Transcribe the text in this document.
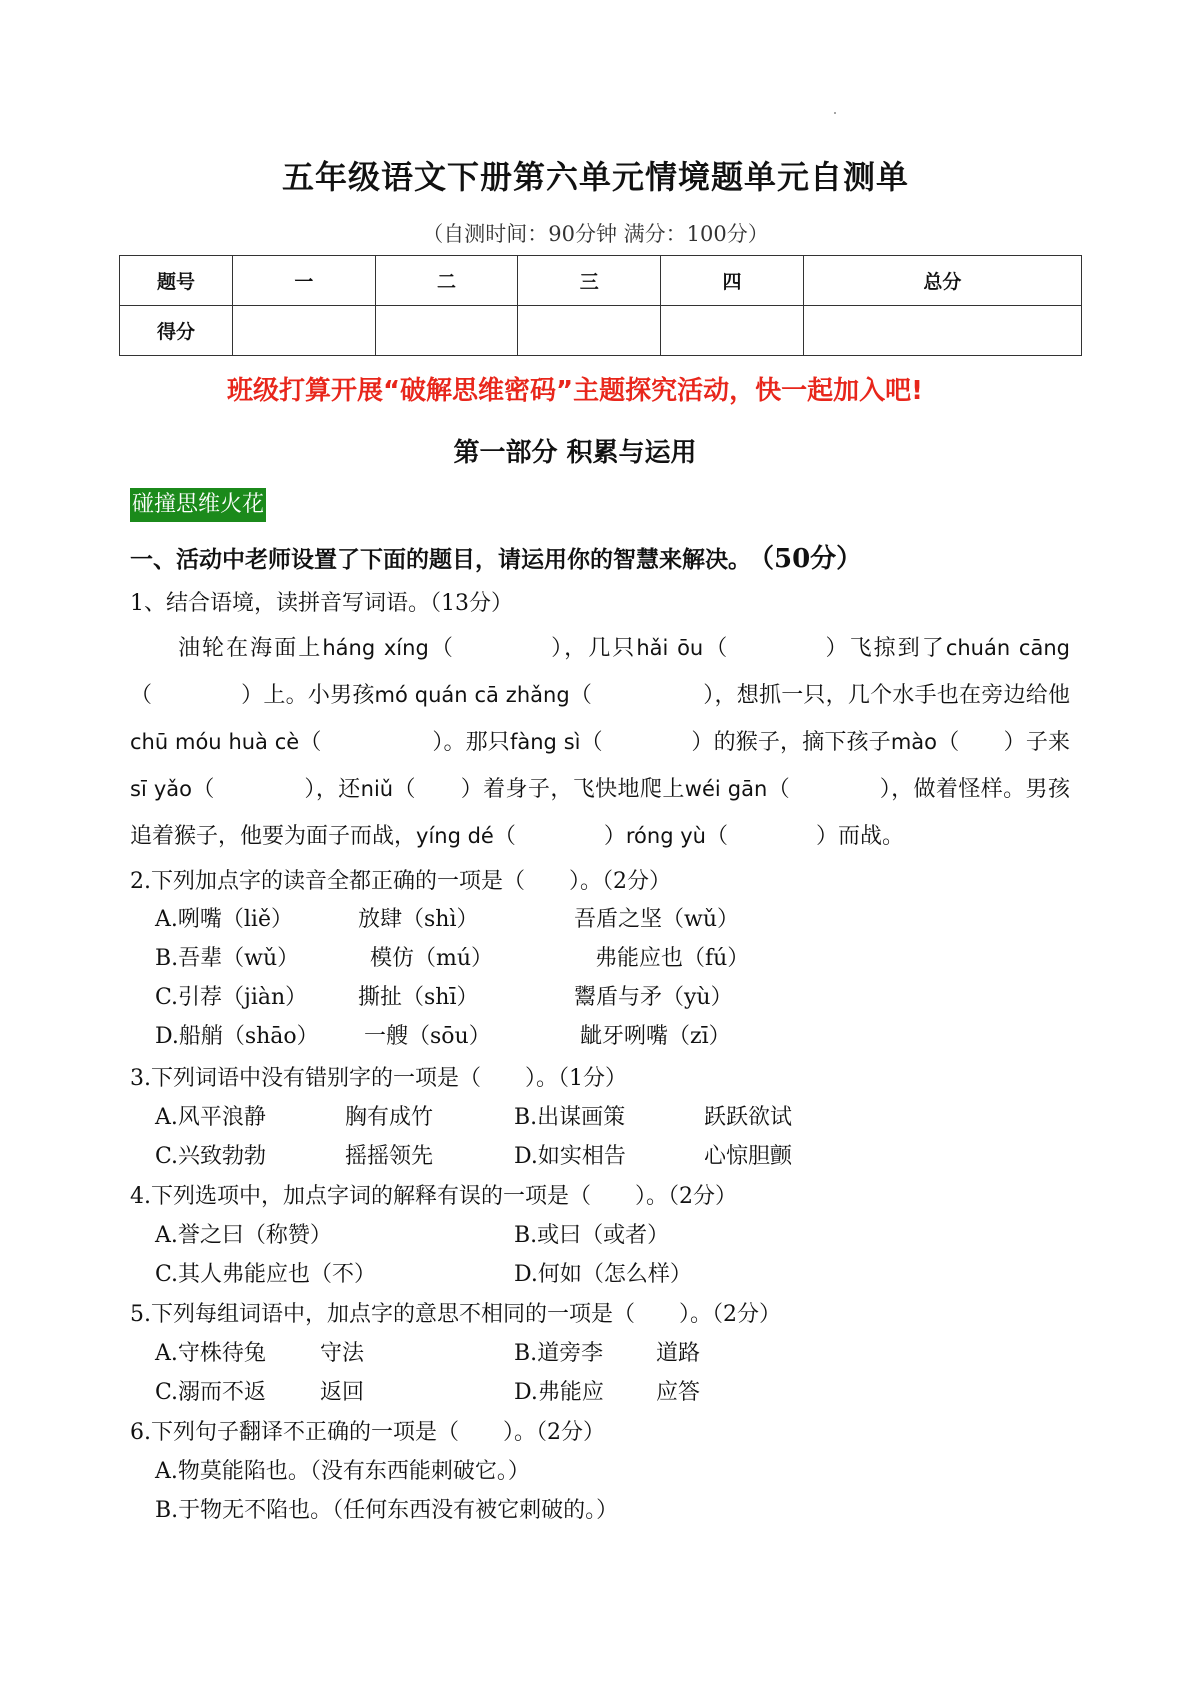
五年级语文下册第六单元情境题单元自测单
（自测时间：90分钟 满分：100分）
题号	一	二	三	四	总分
得分					
班级打算开展“破解思维密码”主题探究活动，快一起加入吧!
第一部分 积累与运用
碰撞思维火花
一、活动中老师设置了下面的题目，请运用你的智慧来解决。 （50分）
1、结合语境，读拼音写词语。（13分）

油轮在海面上háng xíng（　　　　），几只hǎi ōu（　　　　）飞掠到了chuán cāng（　　　　）上。小男孩mó quán cā zhǎng（　　　　　），想抓一只，几个水手也在旁边给他chū móu huà cè（　　　　　）。那只fàng sì（　　　　）的猴子，摘下孩子mào（　　）子来sī yǎo（　　　　），还niǔ（　　）着身子，飞快地爬上wéi gān（　　　　），做着怪样。男孩追着猴子，他要为面子而战，yíng dé（　　　　）róng yù（　　　　）而战。

2.下列加点字的读音全都正确的一项是（　　）。（2分）
A.咧嘴（liě）	放肆（shì）	吾盾之坚（wǔ）
B.吾辈（wǔ）	模仿（mú）	弗能应也（fú）
C.引荐（jiàn） 撕扯（shī）	鬻盾与矛（yù）
D.船艄（shāo） 一艘（sōu）	龇牙咧嘴（zī）
3.下列词语中没有错别字的一项是（　　）。（1分）
A.风平浪静	胸有成竹	B.出谋画策	跃跃欲试
C.兴致勃勃	摇摇领先	D.如实相告	心惊胆颤
4.下列选项中，加点字词的解释有误的一项是（　　）。（2分）
A.誉之曰（称赞）	B.或曰（或者）
C.其人弗能应也（不）	D.何如（怎么样）
5.下列每组词语中，加点字的意思不相同的一项是（　　）。（2分）
A.守株待兔 守法	B.道旁李 道路
C.溺而不返 返回	D.弗能应 应答
6.下列句子翻译不正确的一项是（　　）。（2分）
A.物莫能陷也。（没有东西能刺破它。）
B.于物无不陷也。（任何东西没有被它刺破的。）
